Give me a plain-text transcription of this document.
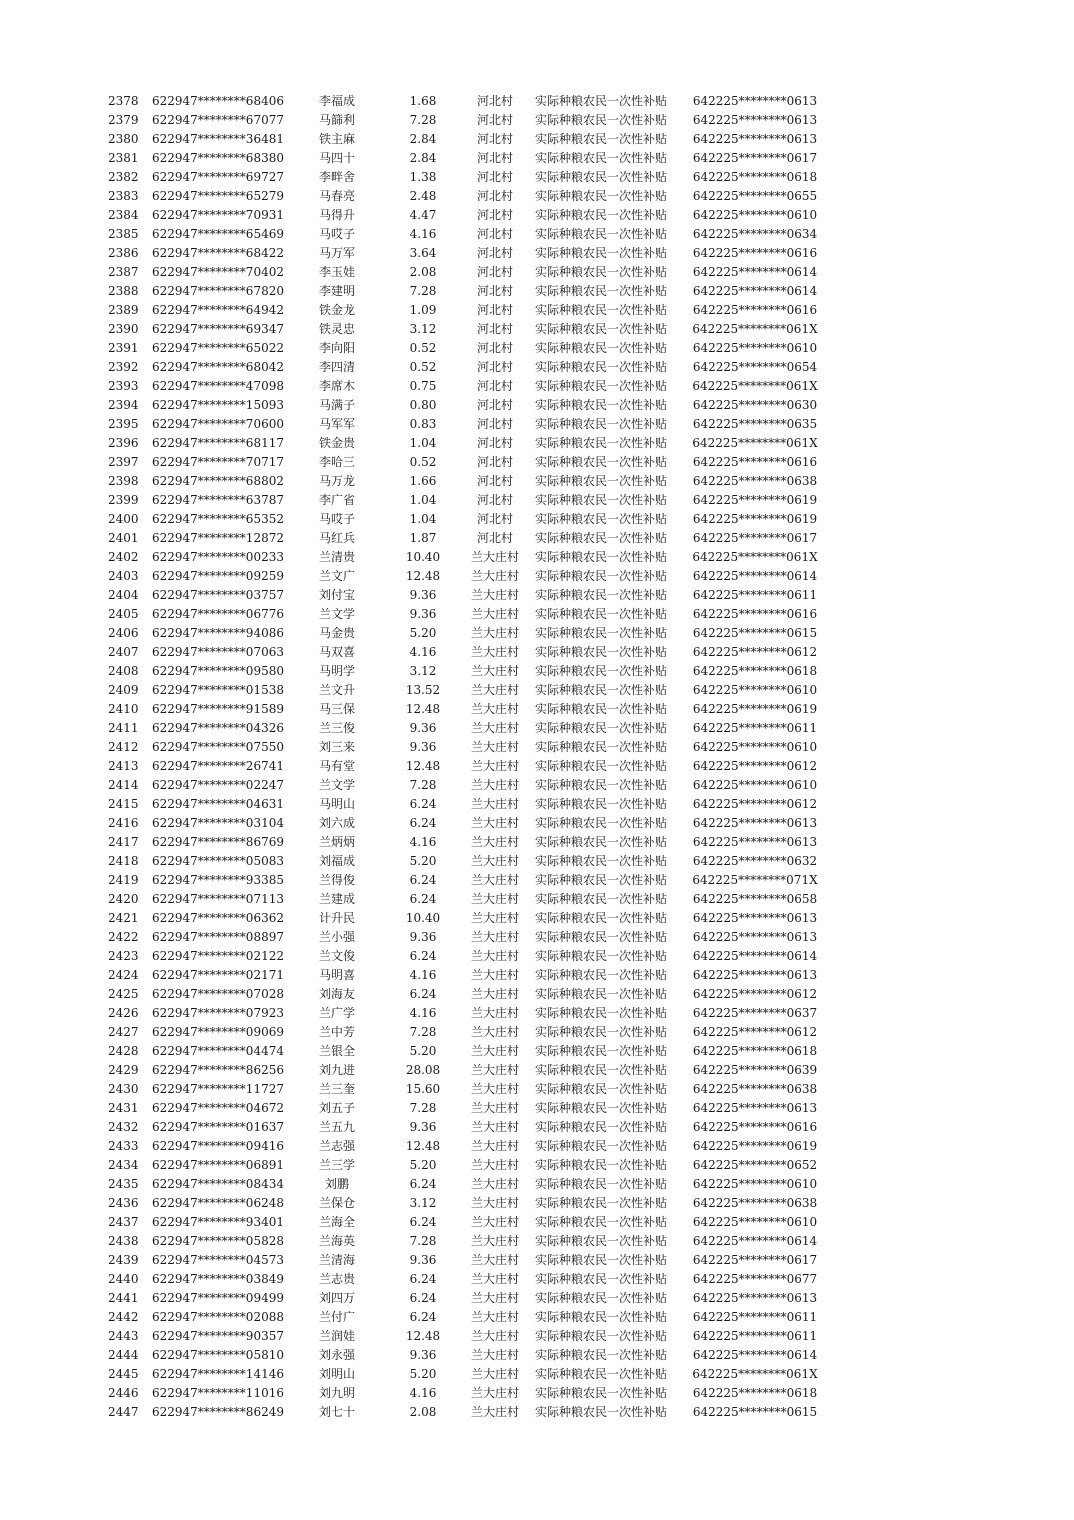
2378 622947********68406	李福成	1.68	河北村	实际种粮农民一次性补贴	642225********0613
2379 622947********67077	马篩利	7.28	河北村	实际种粮农民一次性补贴	642225********0613
2380 622947********36481	铁主麻	2.84	河北村	实际种粮农民一次性补贴	642225********0613
2381 622947********68380	马四十	2.84	河北村	实际种粮农民一次性补贴	642225********0617
2382 622947********69727	李畔舍	1.38	河北村	实际种粮农民一次性补贴	642225********0618
2383 622947********65279	马春亮	2.48	河北村	实际种粮农民一次性补贴	642225********0655
2384 622947********70931	马得升	4.47	河北村	实际种粮农民一次性补贴	642225********0610
2385 622947********65469	马哎子	4.16	河北村	实际种粮农民一次性补贴	642225********0634
2386 622947********68422	马万军	3.64	河北村	实际种粮农民一次性补贴	642225********0616
2387 622947********70402	李玉娃	2.08	河北村	实际种粮农民一次性补贴	642225********0614
2388 622947********67820	李建明	7.28	河北村	实际种粮农民一次性补贴	642225********0614
2389 622947********64942	铁金龙	1.09	河北村	实际种粮农民一次性补贴	642225********0616
2390 622947********69347	铁灵忠	3.12	河北村	实际种粮农民一次性补贴	642225********061X
2391 622947********65022	李向阳	0.52	河北村	实际种粮农民一次性补贴	642225********0610
2392 622947********68042	李四清	0.52	河北村	实际种粮农民一次性补贴	642225********0654
2393 622947********47098	李席木	0.75	河北村	实际种粮农民一次性补贴	642225********061X
2394 622947********15093	马满子	0.80	河北村	实际种粮农民一次性补贴	642225********0630
2395 622947********70600	马军军	0.83	河北村	实际种粮农民一次性补贴	642225********0635
2396 622947********68117	铁金贵	1.04	河北村	实际种粮农民一次性补贴	642225********061X
2397 622947********70717	李哈三	0.52	河北村	实际种粮农民一次性补贴	642225********0616
2398 622947********68802	马万龙	1.66	河北村	实际种粮农民一次性补贴	642225********0638
2399 622947********63787	李广省	1.04	河北村	实际种粮农民一次性补贴	642225********0619
2400 622947********65352	马哎子	1.04	河北村	实际种粮农民一次性补贴	642225********0619
2401 622947********12872	马红兵	1.87	河北村	实际种粮农民一次性补贴	642225********0617
2402 622947********00233	兰清贵	10.40	兰大庄村	实际种粮农民一次性补贴	642225********061X
2403 622947********09259	兰文广	12.48	兰大庄村	实际种粮农民一次性补贴	642225********0614
2404 622947********03757	刘付宝	9.36	兰大庄村	实际种粮农民一次性补贴	642225********0611
2405 622947********06776	兰文学	9.36	兰大庄村	实际种粮农民一次性补贴	642225********0616
2406 622947********94086	马金贵	5.20	兰大庄村	实际种粮农民一次性补贴	642225********0615
2407 622947********07063	马双喜	4.16	兰大庄村	实际种粮农民一次性补贴	642225********0612
2408 622947********09580	马明学	3.12	兰大庄村	实际种粮农民一次性补贴	642225********0618
2409 622947********01538	兰文升	13.52	兰大庄村	实际种粮农民一次性补贴	642225********0610
2410 622947********91589	马三保	12.48	兰大庄村	实际种粮农民一次性补贴	642225********0619
2411 622947********04326	兰三俊	9.36	兰大庄村	实际种粮农民一次性补贴	642225********0611
2412 622947********07550	刘三来	9.36	兰大庄村	实际种粮农民一次性补贴	642225********0610
2413 622947********26741	马有堂	12.48	兰大庄村	实际种粮农民一次性补贴	642225********0612
2414 622947********02247	兰文学	7.28	兰大庄村	实际种粮农民一次性补贴	642225********0610
2415 622947********04631	马明山	6.24	兰大庄村	实际种粮农民一次性补贴	642225********0612
2416 622947********03104	刘六成	6.24	兰大庄村	实际种粮农民一次性补贴	642225********0613
2417 622947********86769	兰炳炳	4.16	兰大庄村	实际种粮农民一次性补贴	642225********0613
2418 622947********05083	刘福成	5.20	兰大庄村	实际种粮农民一次性补贴	642225********0632
2419 622947********93385	兰得俊	6.24	兰大庄村	实际种粮农民一次性补贴	642225********071X
2420 622947********07113	兰建成	6.24	兰大庄村	实际种粮农民一次性补贴	642225********0658
2421 622947********06362	计升民	10.40	兰大庄村	实际种粮农民一次性补贴	642225********0613
2422 622947********08897	兰小强	9.36	兰大庄村	实际种粮农民一次性补贴	642225********0613
2423 622947********02122	兰文俊	6.24	兰大庄村	实际种粮农民一次性补贴	642225********0614
2424 622947********02171	马明喜	4.16	兰大庄村	实际种粮农民一次性补贴	642225********0613
2425 622947********07028	刘海友	6.24	兰大庄村	实际种粮农民一次性补贴	642225********0612
2426 622947********07923	兰广学	4.16	兰大庄村	实际种粮农民一次性补贴	642225********0637
2427 622947********09069	兰中芳	7.28	兰大庄村	实际种粮农民一次性补贴	642225********0612
2428 622947********04474	兰银全	5.20	兰大庄村	实际种粮农民一次性补贴	642225********0618
2429 622947********86256	刘九进	28.08	兰大庄村	实际种粮农民一次性补贴	642225********0639
2430 622947********11727	兰三奎	15.60	兰大庄村	实际种粮农民一次性补贴	642225********0638
2431 622947********04672	刘五子	7.28	兰大庄村	实际种粮农民一次性补贴	642225********0613
2432 622947********01637	兰五九	9.36	兰大庄村	实际种粮农民一次性补贴	642225********0616
2433 622947********09416	兰志强	12.48	兰大庄村	实际种粮农民一次性补贴	642225********0619
2434 622947********06891	兰三学	5.20	兰大庄村	实际种粮农民一次性补贴	642225********0652
2435 622947********08434	刘鹏	6.24	兰大庄村	实际种粮农民一次性补贴	642225********0610
2436 622947********06248	兰保仓	3.12	兰大庄村	实际种粮农民一次性补贴	642225********0638
2437 622947********93401	兰海全	6.24	兰大庄村	实际种粮农民一次性补贴	642225********0610
2438 622947********05828	兰海英	7.28	兰大庄村	实际种粮农民一次性补贴	642225********0614
2439 622947********04573	兰清海	9.36	兰大庄村	实际种粮农民一次性补贴	642225********0617
2440 622947********03849	兰志贵	6.24	兰大庄村	实际种粮农民一次性补贴	642225********0677
2441 622947********09499	刘四万	6.24	兰大庄村	实际种粮农民一次性补贴	642225********0613
2442 622947********02088	兰付广	6.24	兰大庄村	实际种粮农民一次性补贴	642225********0611
2443 622947********90357	兰润娃	12.48	兰大庄村	实际种粮农民一次性补贴	642225********0611
2444 622947********05810	刘永强	9.36	兰大庄村	实际种粮农民一次性补贴	642225********0614
2445 622947********14146	刘明山	5.20	兰大庄村	实际种粮农民一次性补贴	642225********061X
2446 622947********11016	刘九明	4.16	兰大庄村	实际种粮农民一次性补贴	642225********0618
2447 622947********86249	刘七十	2.08	兰大庄村	实际种粮农民一次性补贴	642225********0615
